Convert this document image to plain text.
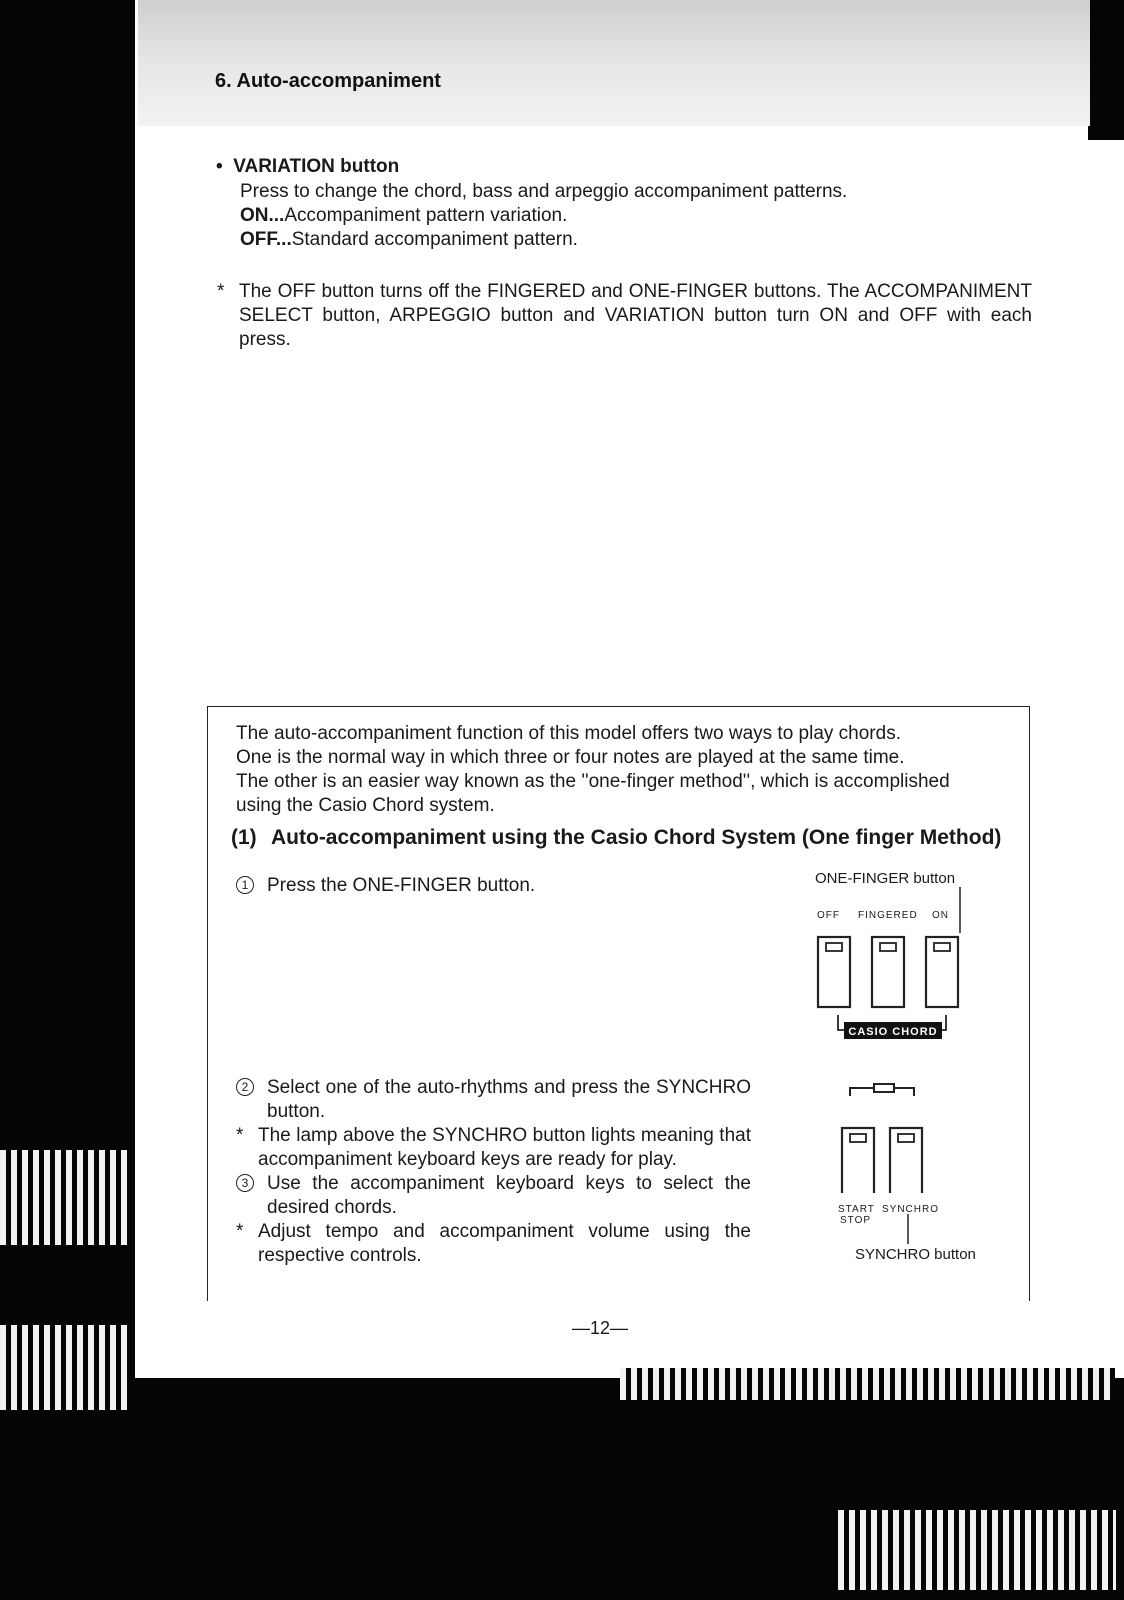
6. Auto-accompaniment
•  VARIATION button
Press to change the chord, bass and arpeggio accompaniment patterns.
ON...Accompaniment pattern variation.
OFF...Standard accompaniment pattern.
* The OFF button turns off the FINGERED and ONE-FINGER buttons. The ACCOMPANIMENT SELECT button, ARPEGGIO button and VARIATION button turn ON and OFF with each press.
The auto-accompaniment function of this model offers two ways to play chords.
One is the normal way in which three or four notes are played at the same time.
The other is an easier way known as the ''one-finger method'', which is accomplished
using the Casio Chord system.
(1) Auto-accompaniment using the Casio Chord System (One finger Method)
1 Press the ONE-FINGER button.
2 Select one of the auto-rhythms and press the SYNCHRO button.
* The lamp above the SYNCHRO button lights meaning that accompaniment keyboard keys are ready for play.
3 Use the accompaniment keyboard keys to select the desired chords.
* Adjust tempo and accompaniment volume using the respective controls.
ONE-FINGER button
OFF FINGERED ON
CASIO CHORD
START
STOP
SYNCHRO
SYNCHRO button
—12—
